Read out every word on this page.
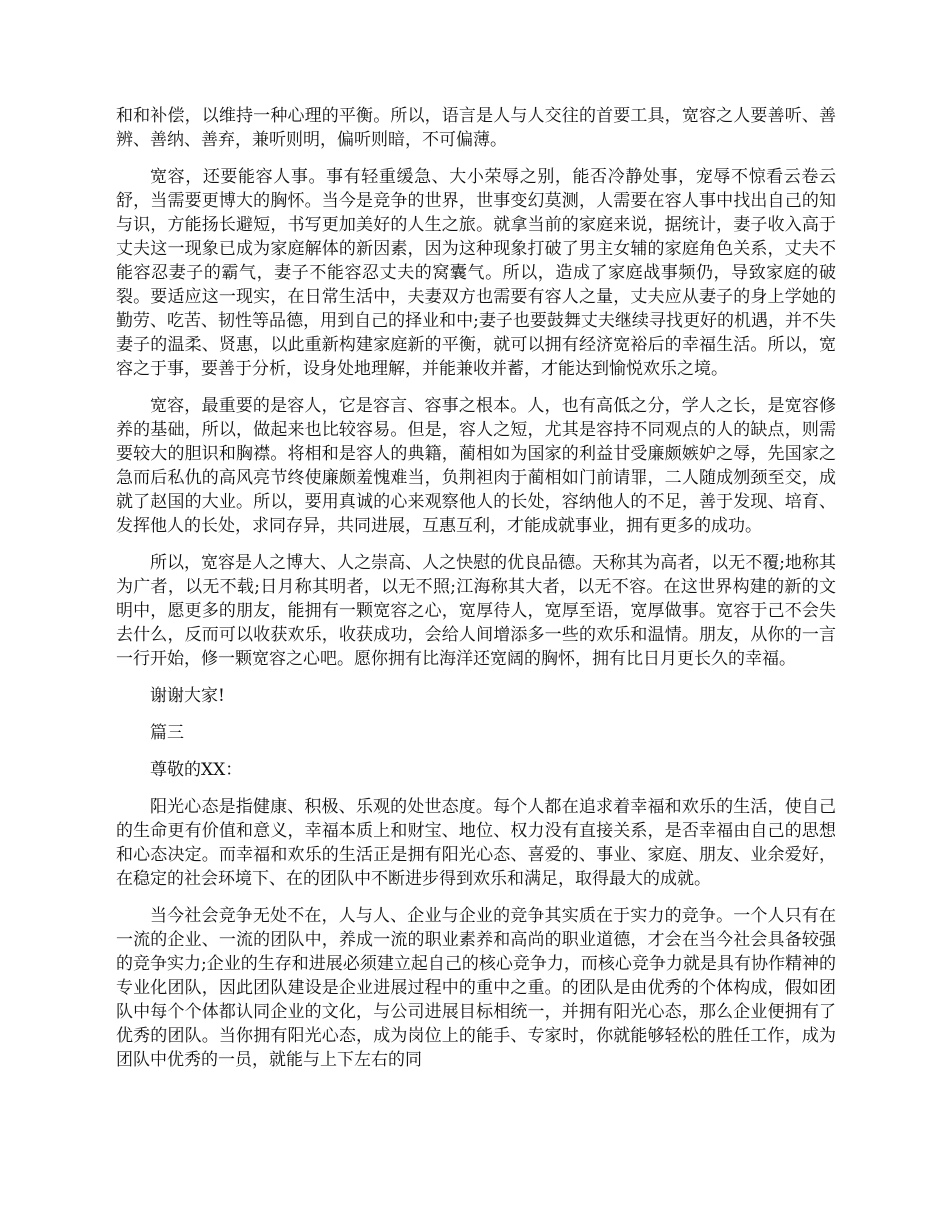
和和补偿，以维持一种心理的平衡。所以，语言是人与人交往的首要工具，宽容之人要善听、善辨、善纳、善弃，兼听则明，偏听则暗，不可偏薄。

宽容，还要能容人事。事有轻重缓急、大小荣辱之别，能否冷静处事，宠辱不惊看云卷云舒，当需要更博大的胸怀。当今是竞争的世界，世事变幻莫测，人需要在容人事中找出自己的知与识，方能扬长避短，书写更加美好的人生之旅。就拿当前的家庭来说，据统计，妻子收入高于丈夫这一现象已成为家庭解体的新因素，因为这种现象打破了男主女辅的家庭角色关系，丈夫不能容忍妻子的霸气，妻子不能容忍丈夫的窝囊气。所以，造成了家庭战事频仍，导致家庭的破裂。要适应这一现实，在日常生活中，夫妻双方也需要有容人之量，丈夫应从妻子的身上学她的勤劳、吃苦、韧性等品德，用到自己的择业和中;妻子也要鼓舞丈夫继续寻找更好的机遇，并不失妻子的温柔、贤惠，以此重新构建家庭新的平衡，就可以拥有经济宽裕后的幸福生活。所以，宽容之于事，要善于分析，设身处地理解，并能兼收并蓄，才能达到愉悦欢乐之境。

宽容，最重要的是容人，它是容言、容事之根本。人，也有高低之分，学人之长，是宽容修养的基础，所以，做起来也比较容易。但是，容人之短，尤其是容持不同观点的人的缺点，则需要较大的胆识和胸襟。将相和是容人的典籍，蔺相如为国家的利益甘受廉颇嫉妒之辱，先国家之急而后私仇的高风亮节终使廉颇羞愧难当，负荆袒肉于蔺相如门前请罪，二人随成刎颈至交，成就了赵国的大业。所以，要用真诚的心来观察他人的长处，容纳他人的不足，善于发现、培育、发挥他人的长处，求同存异，共同进展，互惠互利，才能成就事业，拥有更多的成功。

所以，宽容是人之博大、人之崇高、人之快慰的优良品德。天称其为高者，以无不覆;地称其为广者，以无不载;日月称其明者，以无不照;江海称其大者，以无不容。在这世界构建的新的文明中，愿更多的朋友，能拥有一颗宽容之心，宽厚待人，宽厚至语，宽厚做事。宽容于己不会失去什么，反而可以收获欢乐，收获成功，会给人间增添多一些的欢乐和温情。朋友，从你的一言一行开始，修一颗宽容之心吧。愿你拥有比海洋还宽阔的胸怀，拥有比日月更长久的幸福。

谢谢大家!

篇三

尊敬的XX：

阳光心态是指健康、积极、乐观的处世态度。每个人都在追求着幸福和欢乐的生活，使自己的生命更有价值和意义，幸福本质上和财宝、地位、权力没有直接关系，是否幸福由自己的思想和心态决定。而幸福和欢乐的生活正是拥有阳光心态、喜爱的、事业、家庭、朋友、业余爱好，在稳定的社会环境下、在的团队中不断进步得到欢乐和满足，取得最大的成就。

当今社会竞争无处不在，人与人、企业与企业的竞争其实质在于实力的竞争。一个人只有在一流的企业、一流的团队中，养成一流的职业素养和高尚的职业道德，才会在当今社会具备较强的竞争实力;企业的生存和进展必须建立起自己的核心竞争力，而核心竞争力就是具有协作精神的专业化团队，因此团队建设是企业进展过程中的重中之重。的团队是由优秀的个体构成，假如团队中每个个体都认同企业的文化，与公司进展目标相统一，并拥有阳光心态，那么企业便拥有了优秀的团队。当你拥有阳光心态，成为岗位上的能手、专家时，你就能够轻松的胜任工作，成为团队中优秀的一员，就能与上下左右的同
